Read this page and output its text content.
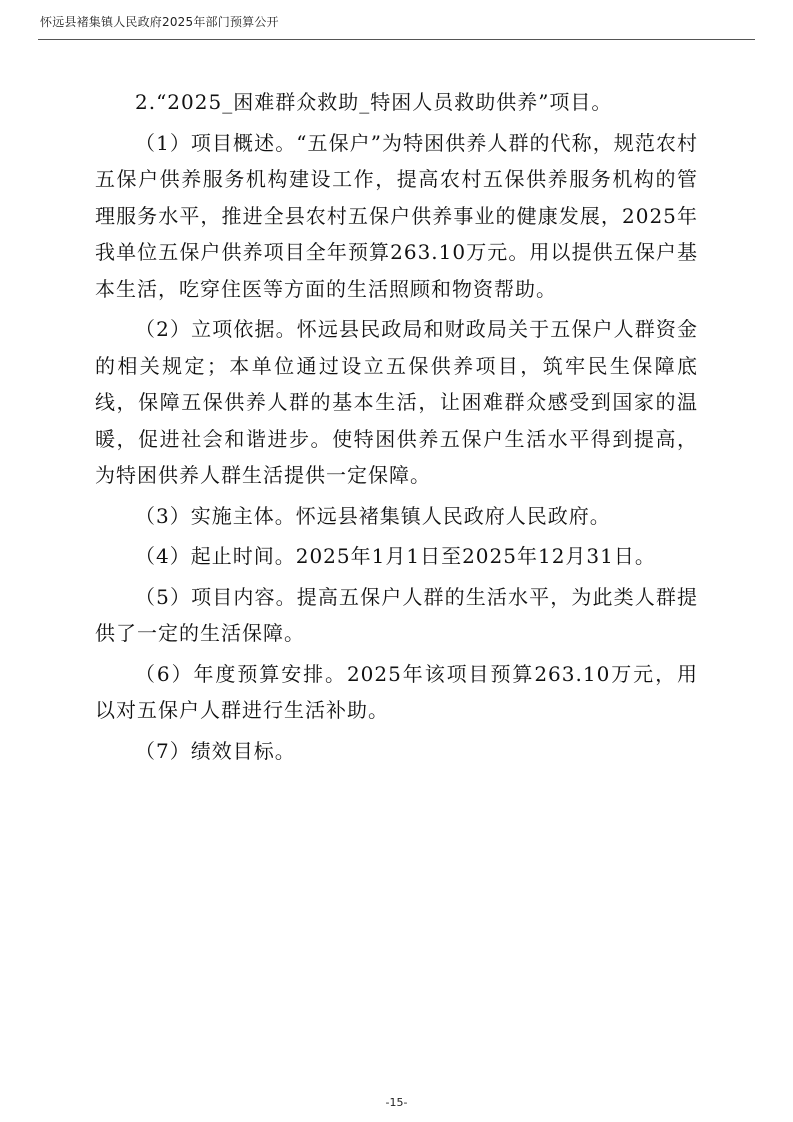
怀远县褚集镇人民政府2025年部门预算公开

2.“2025_困难群众救助_特困人员救助供养”项目。

（1）项目概述。“五保户”为特困供养人群的代称，规范农村五保户供养服务机构建设工作，提高农村五保供养服务机构的管理服务水平，推进全县农村五保户供养事业的健康发展，2025年我单位五保户供养项目全年预算263.10万元。用以提供五保户基本生活，吃穿住医等方面的生活照顾和物资帮助。

（2）立项依据。怀远县民政局和财政局关于五保户人群资金的相关规定；本单位通过设立五保供养项目，筑牢民生保障底线，保障五保供养人群的基本生活，让困难群众感受到国家的温暖，促进社会和谐进步。使特困供养五保户生活水平得到提高，为特困供养人群生活提供一定保障。

（3）实施主体。怀远县褚集镇人民政府人民政府。

（4）起止时间。2025年1月1日至2025年12月31日。

（5）项目内容。提高五保户人群的生活水平，为此类人群提供了一定的生活保障。

（6）年度预算安排。2025年该项目预算263.10万元，用以对五保户人群进行生活补助。

（7）绩效目标。

-15-
